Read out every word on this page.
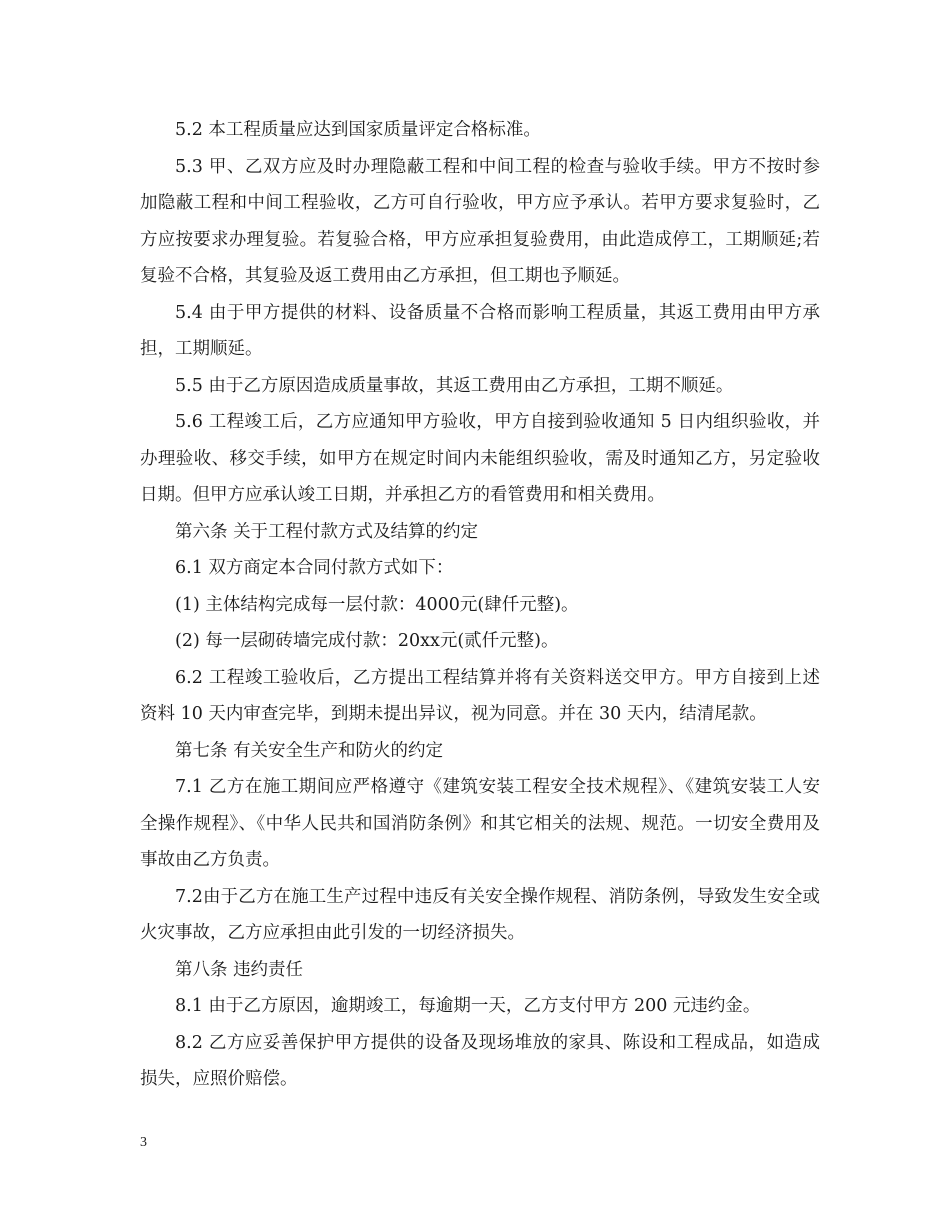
5.2 本工程质量应达到国家质量评定合格标准。

5.3 甲、乙双方应及时办理隐蔽工程和中间工程的检查与验收手续。甲方不按时参加隐蔽工程和中间工程验收，乙方可自行验收，甲方应予承认。若甲方要求复验时，乙方应按要求办理复验。若复验合格，甲方应承担复验费用，由此造成停工，工期顺延;若复验不合格，其复验及返工费用由乙方承担，但工期也予顺延。

5.4 由于甲方提供的材料、设备质量不合格而影响工程质量，其返工费用由甲方承担，工期顺延。

5.5 由于乙方原因造成质量事故，其返工费用由乙方承担，工期不顺延。

5.6 工程竣工后，乙方应通知甲方验收，甲方自接到验收通知 5 日内组织验收，并办理验收、移交手续，如甲方在规定时间内未能组织验收，需及时通知乙方，另定验收日期。但甲方应承认竣工日期，并承担乙方的看管费用和相关费用。

第六条 关于工程付款方式及结算的约定

6.1 双方商定本合同付款方式如下：

(1) 主体结构完成每一层付款：4000元(肆仟元整)。

(2) 每一层砌砖墙完成付款：20xx元(贰仟元整)。

6.2 工程竣工验收后，乙方提出工程结算并将有关资料送交甲方。甲方自接到上述资料 10 天内审查完毕，到期未提出异议，视为同意。并在 30 天内，结清尾款。

第七条 有关安全生产和防火的约定

7.1 乙方在施工期间应严格遵守《建筑安装工程安全技术规程》、《建筑安装工人安全操作规程》、《中华人民共和国消防条例》和其它相关的法规、规范。一切安全费用及事故由乙方负责。

7.2由于乙方在施工生产过程中违反有关安全操作规程、消防条例，导致发生安全或火灾事故，乙方应承担由此引发的一切经济损失。

第八条 违约责任

8.1 由于乙方原因，逾期竣工，每逾期一天，乙方支付甲方 200 元违约金。

8.2 乙方应妥善保护甲方提供的设备及现场堆放的家具、陈设和工程成品，如造成损失，应照价赔偿。

3
